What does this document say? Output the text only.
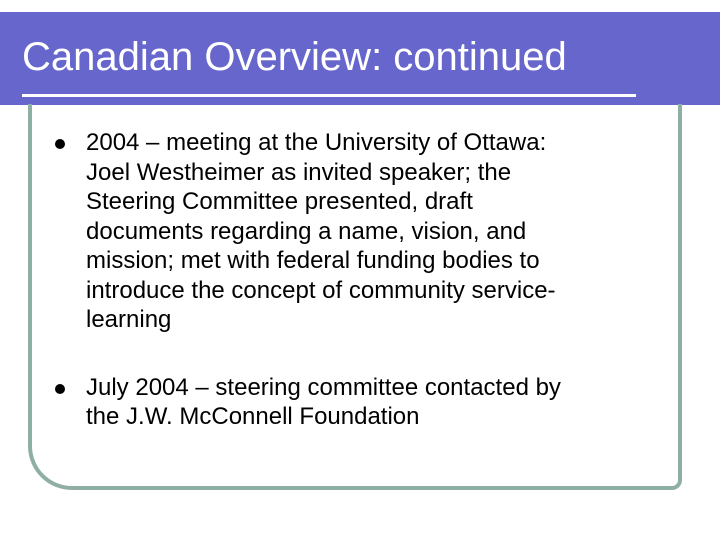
Canadian Overview: continued
2004 – meeting at the University of Ottawa:
Joel Westheimer as invited speaker; the
Steering Committee presented, draft
documents regarding a name, vision, and
mission; met with federal funding bodies to
introduce the concept of community service-
learning
July 2004 – steering committee contacted by
the J.W. McConnell Foundation
